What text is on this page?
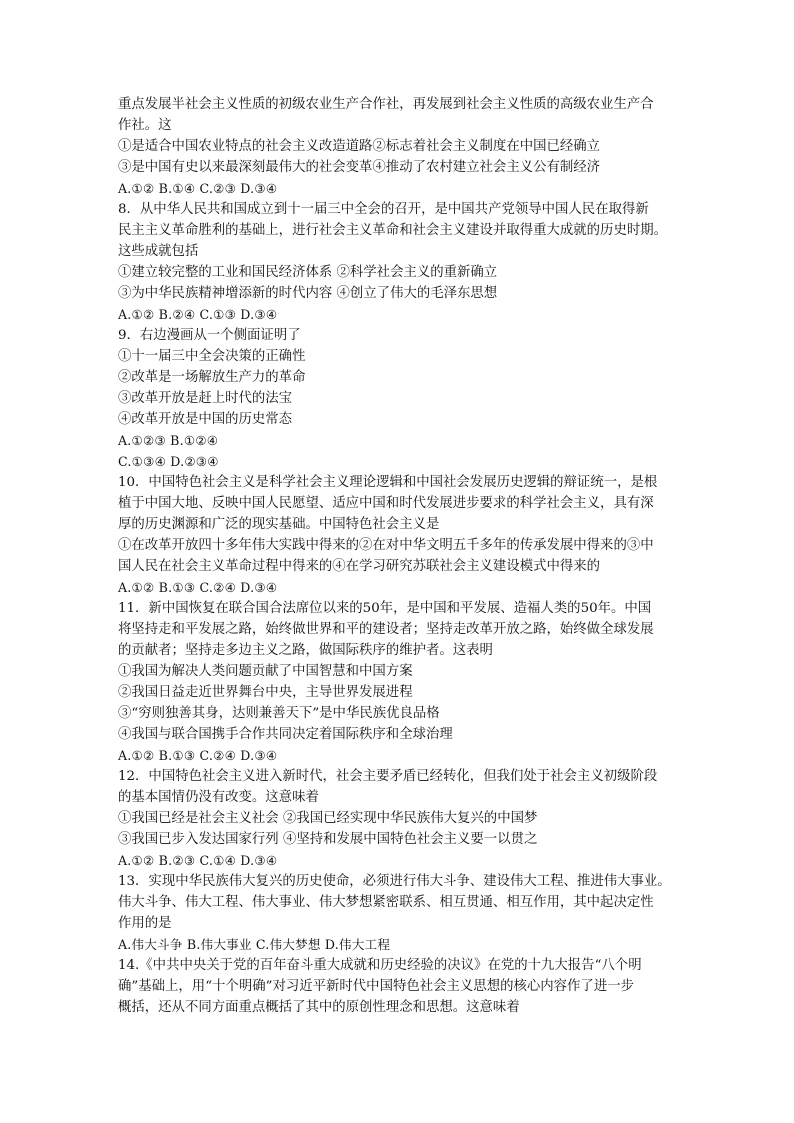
重点发展半社会主义性质的初级农业生产合作社，再发展到社会主义性质的高级农业生产合
作社。这
①是适合中国农业特点的社会主义改造道路②标志着社会主义制度在中国已经确立
③是中国有史以来最深刻最伟大的社会变革④推动了农村建立社会主义公有制经济
A.①② B.①④ C.②③ D.③④
8．从中华人民共和国成立到十一届三中全会的召开，是中国共产党领导中国人民在取得新
民主主义革命胜利的基础上，进行社会主义革命和社会主义建设并取得重大成就的历史时期。
这些成就包括
①建立较完整的工业和国民经济体系 ②科学社会主义的重新确立
③为中华民族精神增添新的时代内容 ④创立了伟大的毛泽东思想
A.①② B.②④ C.①③ D.③④
9．右边漫画从一个侧面证明了
①十一届三中全会决策的正确性
②改革是一场解放生产力的革命
③改革开放是赶上时代的法宝
④改革开放是中国的历史常态
A.①②③ B.①②④
C.①③④ D.②③④
10．中国特色社会主义是科学社会主义理论逻辑和中国社会发展历史逻辑的辩证统一，是根
植于中国大地、反映中国人民愿望、适应中国和时代发展进步要求的科学社会主义，具有深
厚的历史渊源和广泛的现实基础。中国特色社会主义是
①在改革开放四十多年伟大实践中得来的②在对中华文明五千多年的传承发展中得来的③中
国人民在社会主义革命过程中得来的④在学习研究苏联社会主义建设模式中得来的
A.①② B.①③ C.②④ D.③④
11．新中国恢复在联合国合法席位以来的50年，是中国和平发展、造福人类的50年。中国
将坚持走和平发展之路，始终做世界和平的建设者；坚持走改革开放之路，始终做全球发展
的贡献者；坚持走多边主义之路，做国际秩序的维护者。这表明
①我国为解决人类问题贡献了中国智慧和中国方案
②我国日益走近世界舞台中央，主导世界发展进程
③“穷则独善其身，达则兼善天下”是中华民族优良品格
④我国与联合国携手合作共同决定着国际秩序和全球治理
A.①② B.①③ C.②④ D.③④
12．中国特色社会主义进入新时代，社会主要矛盾已经转化，但我们处于社会主义初级阶段
的基本国情仍没有改变。这意味着
①我国已经是社会主义社会 ②我国已经实现中华民族伟大复兴的中国梦
③我国已步入发达国家行列 ④坚持和发展中国特色社会主义要一以贯之
A.①② B.②③ C.①④ D.③④
13．实现中华民族伟大复兴的历史使命，必须进行伟大斗争、建设伟大工程、推进伟大事业。
伟大斗争、伟大工程、伟大事业、伟大梦想紧密联系、相互贯通、相互作用，其中起决定性
作用的是
A.伟大斗争 B.伟大事业 C.伟大梦想 D.伟大工程
14.《中共中央关于党的百年奋斗重大成就和历史经验的决议》在党的十九大报告“八个明
确”基础上，用“十个明确”对习近平新时代中国特色社会主义思想的核心内容作了进一步
概括，还从不同方面重点概括了其中的原创性理念和思想。这意味着
